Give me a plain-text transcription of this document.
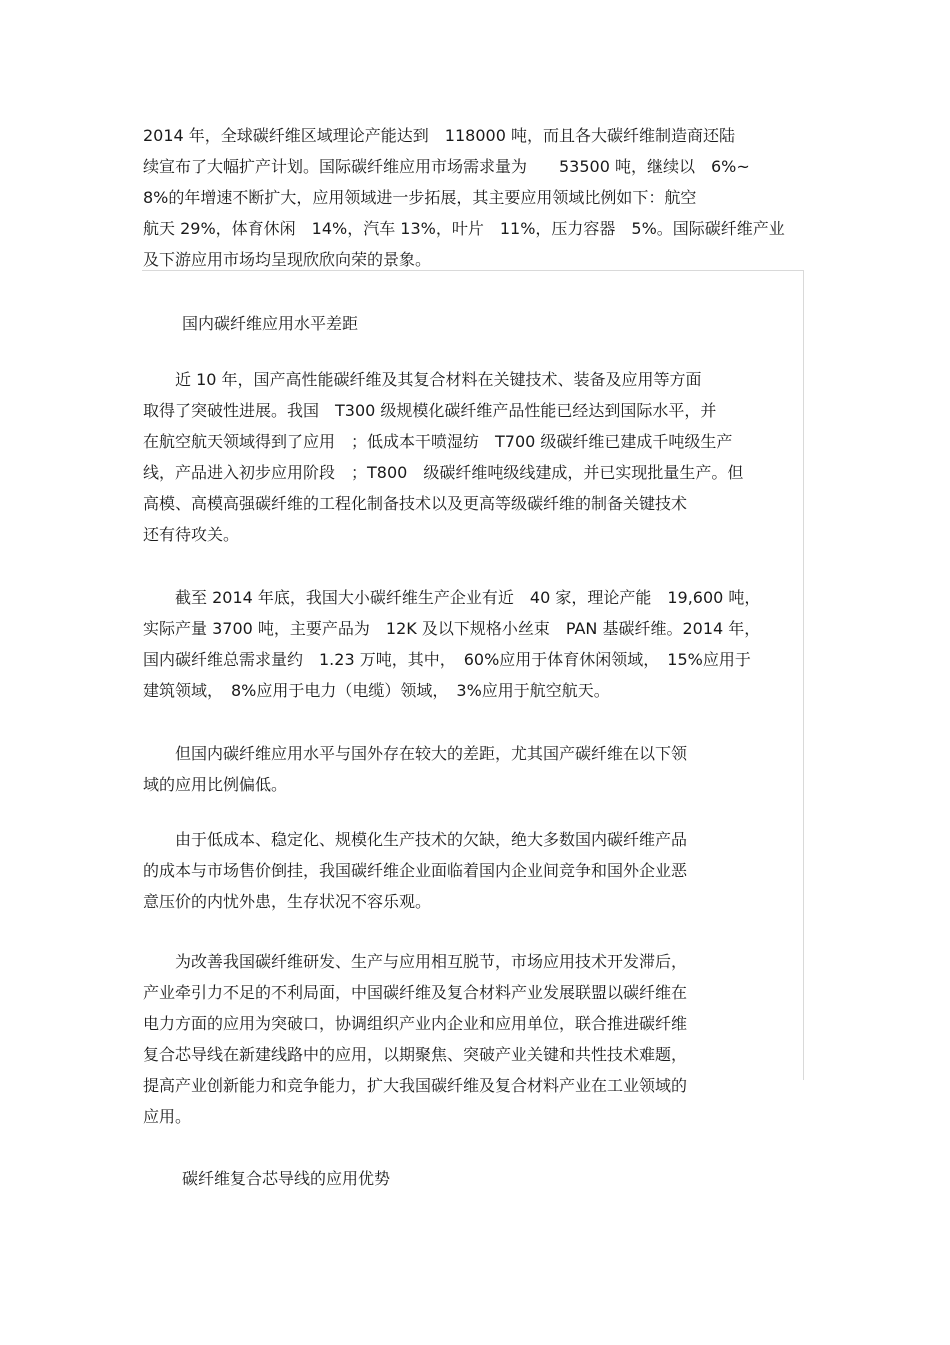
2014 年，全球碳纤维区域理论产能达到　118000 吨，而且各大碳纤维制造商还陆
续宣布了大幅扩产计划。国际碳纤维应用市场需求量为　　53500 吨，继续以　6%~
8%的年增速不断扩大，应用领域进一步拓展，其主要应用领域比例如下：航空
航天 29%，体育休闲　14%，汽车 13%，叶片　11%，压力容器　5%。国际碳纤维产业
及下游应用市场均呈现欣欣向荣的景象。
国内碳纤维应用水平差距
　　近 10 年，国产高性能碳纤维及其复合材料在关键技术、装备及应用等方面
取得了突破性进展。我国　T300 级规模化碳纤维产品性能已经达到国际水平，并
在航空航天领域得到了应用　；低成本干喷湿纺　T700 级碳纤维已建成千吨级生产
线，产品进入初步应用阶段　；T800　级碳纤维吨级线建成，并已实现批量生产。但
高模、高模高强碳纤维的工程化制备技术以及更高等级碳纤维的制备关键技术
还有待攻关。
　　截至 2014 年底，我国大小碳纤维生产企业有近　40 家，理论产能　19,600 吨，
实际产量 3700 吨，主要产品为　12K 及以下规格小丝束　PAN 基碳纤维。2014 年，
国内碳纤维总需求量约　1.23 万吨，其中，　60%应用于体育休闲领域，　15%应用于
建筑领域，　8%应用于电力（电缆）领域，　3%应用于航空航天。
　　但国内碳纤维应用水平与国外存在较大的差距，尤其国产碳纤维在以下领
域的应用比例偏低。
　　由于低成本、稳定化、规模化生产技术的欠缺，绝大多数国内碳纤维产品
的成本与市场售价倒挂，我国碳纤维企业面临着国内企业间竞争和国外企业恶
意压价的内忧外患，生存状况不容乐观。
　　为改善我国碳纤维研发、生产与应用相互脱节，市场应用技术开发滞后，
产业牵引力不足的不利局面，中国碳纤维及复合材料产业发展联盟以碳纤维在
电力方面的应用为突破口，协调组织产业内企业和应用单位，联合推进碳纤维
复合芯导线在新建线路中的应用，以期聚焦、突破产业关键和共性技术难题，
提高产业创新能力和竞争能力，扩大我国碳纤维及复合材料产业在工业领域的
应用。
碳纤维复合芯导线的应用优势
